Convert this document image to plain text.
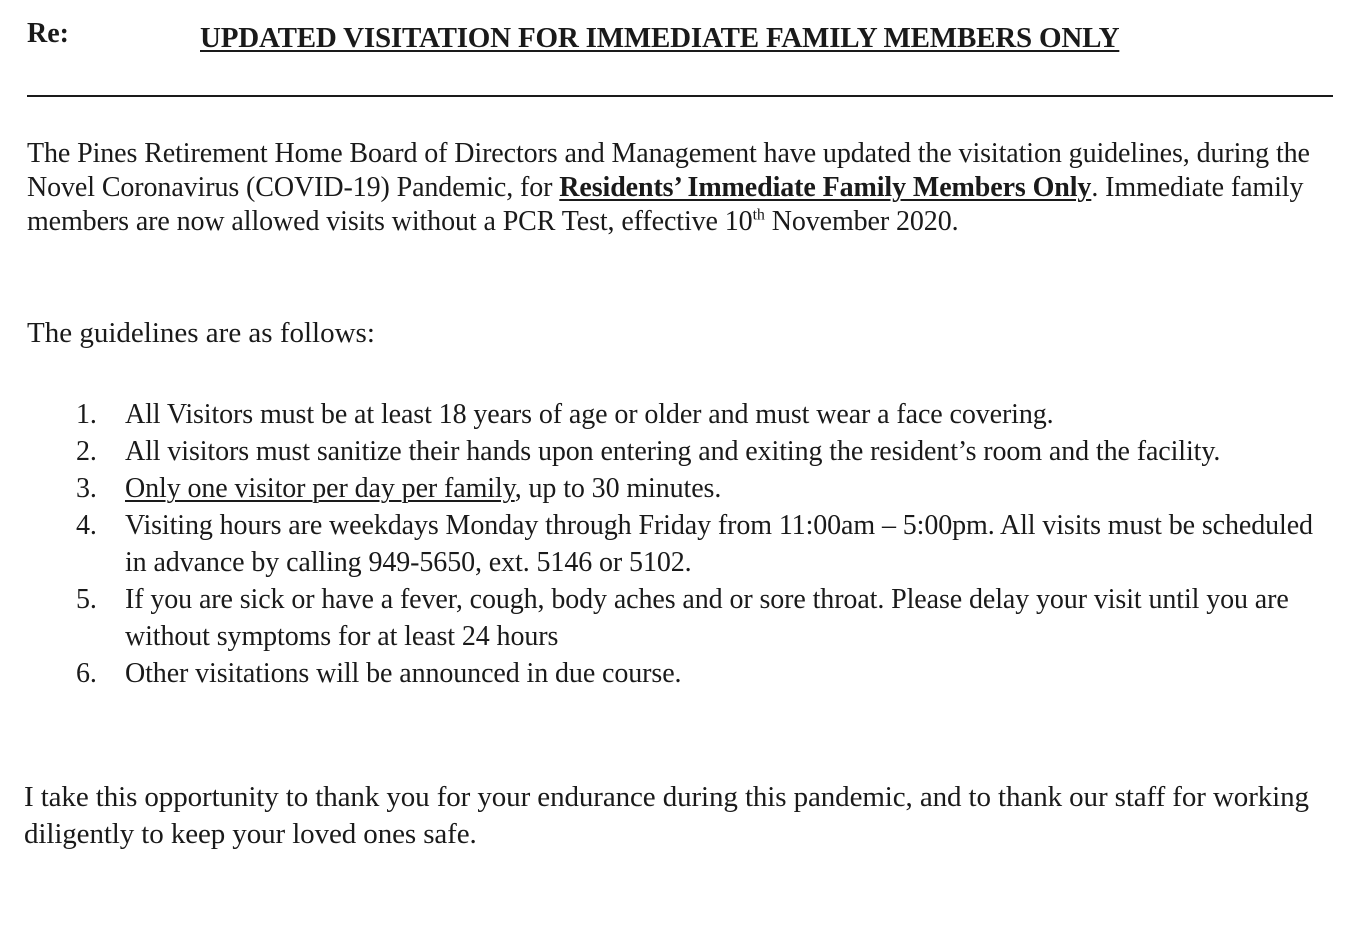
Re:	UPDATED VISITATION FOR IMMEDIATE FAMILY MEMBERS ONLY

The Pines Retirement Home Board of Directors and Management have updated the visitation guidelines, during the Novel Coronavirus (COVID-19) Pandemic, for Residents’ Immediate Family Members Only. Immediate family members are now allowed visits without a PCR Test, effective 10th November 2020.

The guidelines are as follows:

1.	All Visitors must be at least 18 years of age or older and must wear a face covering.
2.	All visitors must sanitize their hands upon entering and exiting the resident’s room and the facility.
3.	Only one visitor per day per family, up to 30 minutes.
4.	Visiting hours are weekdays Monday through Friday from 11:00am – 5:00pm. All visits must be scheduled in advance by calling 949-5650, ext. 5146 or 5102.
5.	If you are sick or have a fever, cough, body aches and or sore throat. Please delay your visit until you are without symptoms for at least 24 hours
6.	Other visitations will be announced in due course.

I take this opportunity to thank you for your endurance during this pandemic, and to thank our staff for working diligently to keep your loved ones safe.
